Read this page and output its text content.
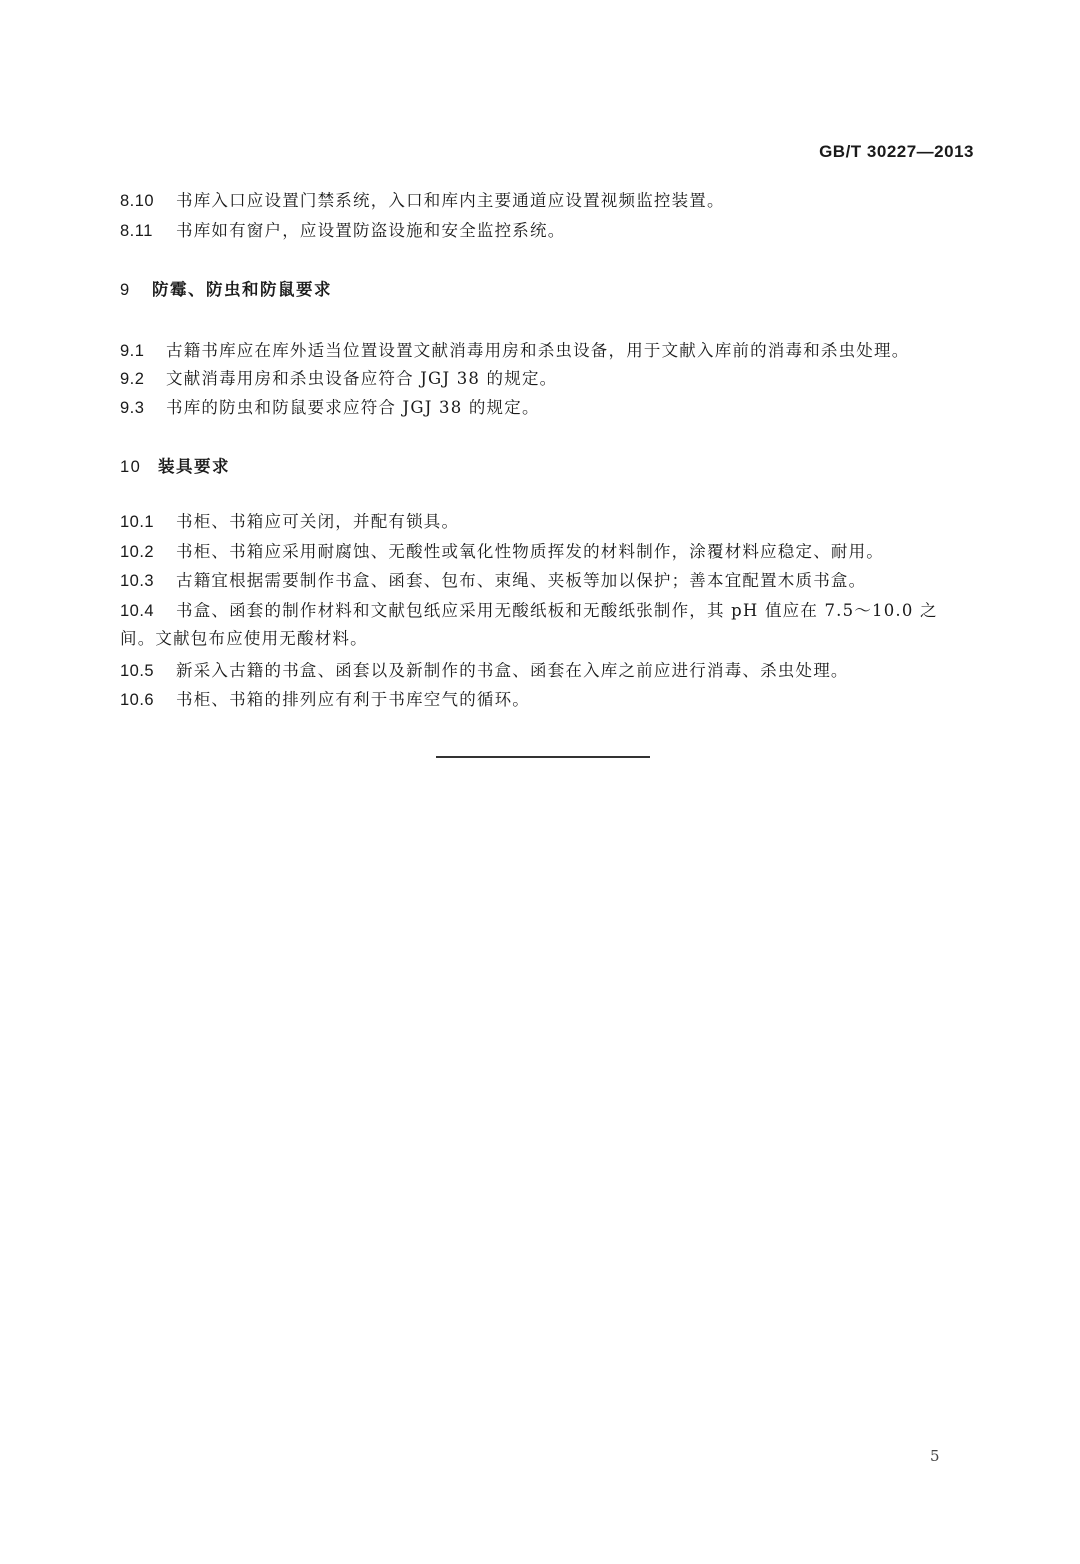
GB/T 30227—2013
8.10 书库入口应设置门禁系统，入口和库内主要通道应设置视频监控装置。
8.11 书库如有窗户，应设置防盗设施和安全监控系统。
9 防霉、防虫和防鼠要求
9.1 古籍书库应在库外适当位置设置文献消毒用房和杀虫设备，用于文献入库前的消毒和杀虫处理。
9.2 文献消毒用房和杀虫设备应符合 JGJ 38 的规定。
9.3 书库的防虫和防鼠要求应符合 JGJ 38 的规定。
10 装具要求
10.1 书柜、书箱应可关闭，并配有锁具。
10.2 书柜、书箱应采用耐腐蚀、无酸性或氧化性物质挥发的材料制作，涂覆材料应稳定、耐用。
10.3 古籍宜根据需要制作书盒、函套、包布、束绳、夹板等加以保护；善本宜配置木质书盒。
10.4 书盒、函套的制作材料和文献包纸应采用无酸纸板和无酸纸张制作，其 pH 值应在 7.5～10.0 之间。文献包布应使用无酸材料。
10.5 新采入古籍的书盒、函套以及新制作的书盒、函套在入库之前应进行消毒、杀虫处理。
10.6 书柜、书箱的排列应有利于书库空气的循环。
5
